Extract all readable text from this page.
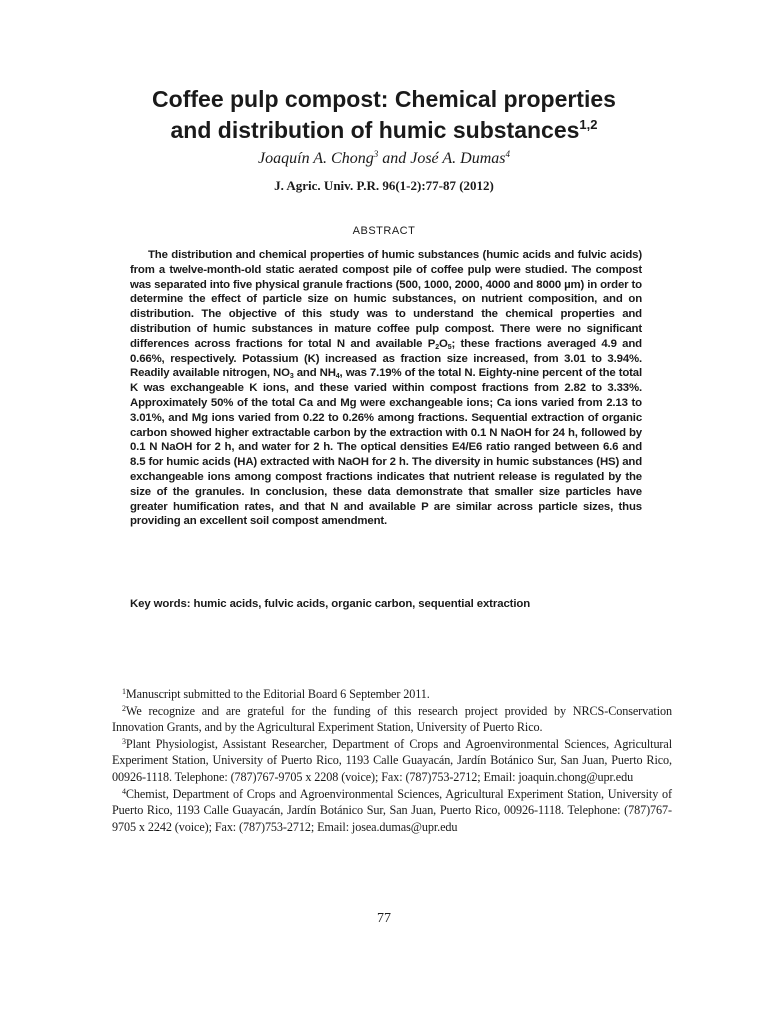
Coffee pulp compost: Chemical properties
and distribution of humic substances$^{1,2}$
Joaquín A. Chong$^3$ and José A. Dumas$^4$
J. Agric. Univ. P.R. 96(1-2):77-87 (2012)
ABSTRACT
The distribution and chemical properties of humic substances (humic acids and fulvic acids) from a twelve-month-old static aerated compost pile of coffee pulp were studied. The compost was separated into five physical granule fractions (500, 1000, 2000, 4000 and 8000 µm) in order to determine the effect of particle size on humic substances, on nutrient composition, and on distribution. The objective of this study was to understand the chemical properties and distribution of humic substances in mature coffee pulp compost. There were no significant differences across fractions for total N and available $P_2O_5$; these fractions averaged 4.9 and 0.66%, respectively. Potassium (K) increased as fraction size increased, from 3.01 to 3.94%. Readily available nitrogen, $NO_3$ and $NH_4$, was 7.19% of the total N. Eighty-nine percent of the total K was exchangeable K ions, and these varied within compost fractions from 2.82 to 3.33%. Approximately 50% of the total Ca and Mg were exchangeable ions; Ca ions varied from 2.13 to 3.01%, and Mg ions varied from 0.22 to 0.26% among fractions. Sequential extraction of organic carbon showed higher extractable carbon by the extraction with 0.1 N NaOH for 24 h, followed by 0.1 N NaOH for 2 h, and water for 2 h. The optical densities E4/E6 ratio ranged between 6.6 and 8.5 for humic acids (HA) extracted with NaOH for 2 h. The diversity in humic substances (HS) and exchangeable ions among compost fractions indicates that nutrient release is regulated by the size of the granules. In conclusion, these data demonstrate that smaller size particles have greater humification rates, and that N and available P are similar across particle sizes, thus providing an excellent soil compost amendment.
Key words: humic acids, fulvic acids, organic carbon, sequential extraction

$^1$Manuscript submitted to the Editorial Board 6 September 2011.

$^2$We recognize and are grateful for the funding of this research project provided by NRCS-Conservation Innovation Grants, and by the Agricultural Experiment Station, University of Puerto Rico.

$^3$Plant Physiologist, Assistant Researcher, Department of Crops and Agroenvironmental Sciences, Agricultural Experiment Station, University of Puerto Rico, 1193 Calle Guayacán, Jardín Botánico Sur, San Juan, Puerto Rico, 00926-1118. Telephone: (787)767-9705 x 2208 (voice); Fax: (787)753-2712; Email: joaquin.chong@upr.edu

$^4$Chemist, Department of Crops and Agroenvironmental Sciences, Agricultural Experiment Station, University of Puerto Rico, 1193 Calle Guayacán, Jardín Botánico Sur, San Juan, Puerto Rico, 00926-1118. Telephone: (787)767-9705 x 2242 (voice); Fax: (787)753-2712; Email: josea.dumas@upr.edu

77
